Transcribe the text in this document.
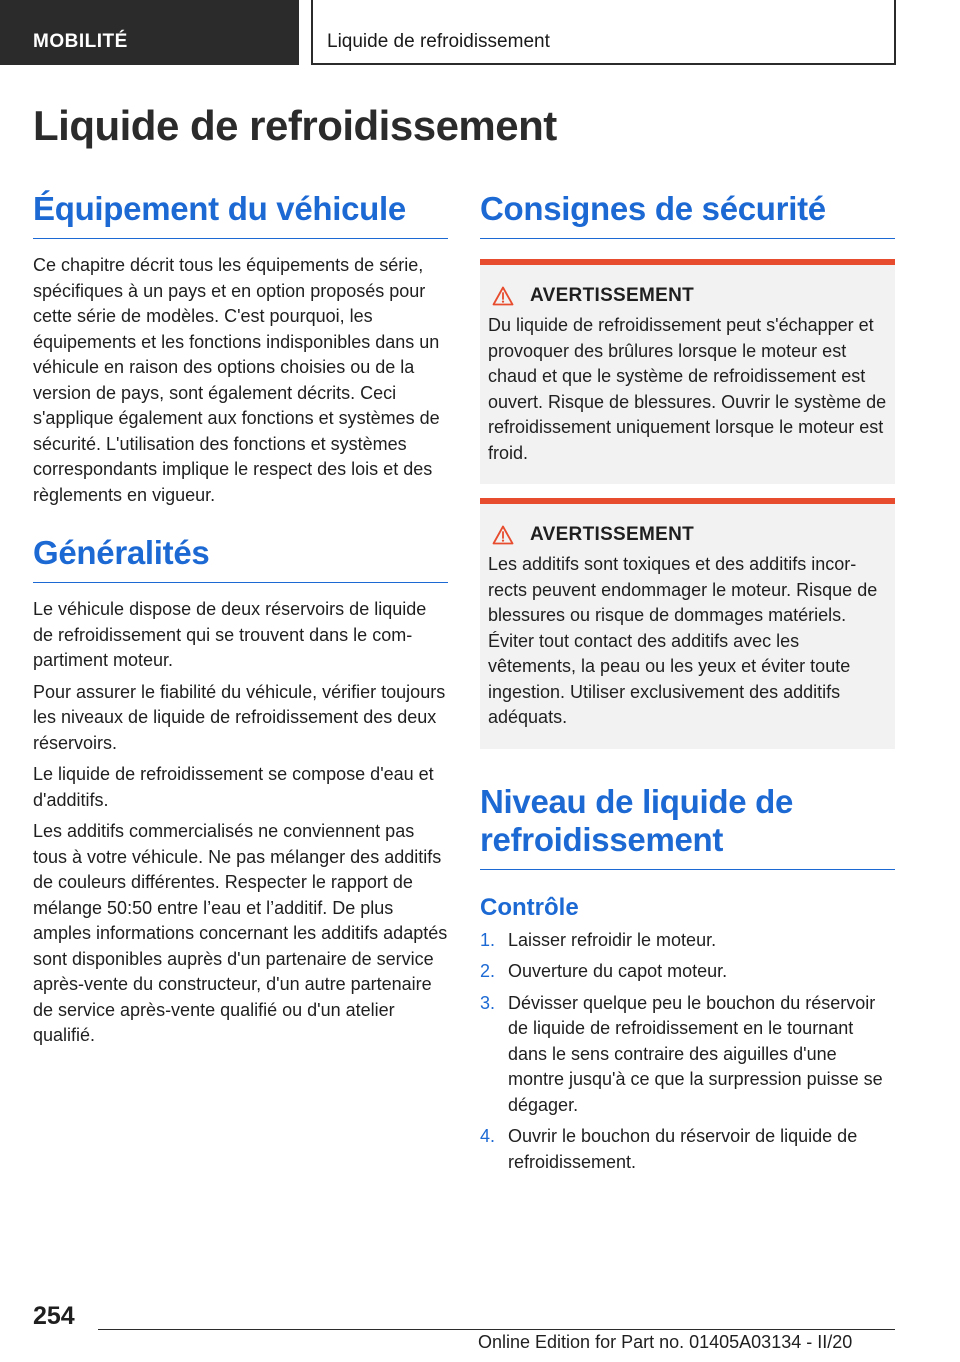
MOBILITÉ	Liquide de refroidissement
Liquide de refroidissement
Équipement du véhicule

Ce chapitre décrit tous les équipements de série, spécifiques à un pays et en option proposés pour cette série de modèles. C'est pourquoi, les équipements et les fonctions indisponibles dans un véhicule en raison des options choisies ou de la version de pays, sont également décrits. Ceci s'applique également aux fonctions et systèmes de sécurité. L'utilisation des fonctions et systèmes correspondants implique le respect des lois et des règlements en vigueur.

Généralités

Le véhicule dispose de deux réservoirs de liquide de refroidissement qui se trouvent dans le compartiment moteur.

Pour assurer le fiabilité du véhicule, vérifier toujours les niveaux de liquide de refroidissement des deux réservoirs.

Le liquide de refroidissement se compose d'eau et d'additifs.

Les additifs commercialisés ne conviennent pas tous à votre véhicule. Ne pas mélanger des additifs de couleurs différentes. Respecter le rapport de mélange 50:50 entre l’eau et l’additif. De plus amples informations concernant les additifs adaptés sont disponibles auprès d'un partenaire de service après-vente du constructeur, d'un autre partenaire de service après-vente qualifié ou d'un atelier qualifié.

Consignes de sécurité
AVERTISSEMENT

Du liquide de refroidissement peut s'échapper et provoquer des brûlures lorsque le moteur est chaud et que le système de refroidissement est ouvert. Risque de blessures. Ouvrir le système de refroidissement uniquement lorsque le moteur est froid.

AVERTISSEMENT

Les additifs sont toxiques et des additifs incorrects peuvent endommager le moteur. Risque de blessures ou risque de dommages matériels. Éviter tout contact des additifs avec les vêtements, la peau ou les yeux et éviter toute ingestion. Utiliser exclusivement des additifs adéquats.

Niveau de liquide de refroidissement
Contrôle
1. Laisser refroidir le moteur.
2. Ouverture du capot moteur.
3. Dévisser quelque peu le bouchon du réservoir de liquide de refroidissement en le tournant dans le sens contraire des aiguilles d'une montre jusqu'à ce que la surpression puisse se dégager.
4. Ouvrir le bouchon du réservoir de liquide de refroidissement.
254
Online Edition for Part no. 01405A03134 - II/20
